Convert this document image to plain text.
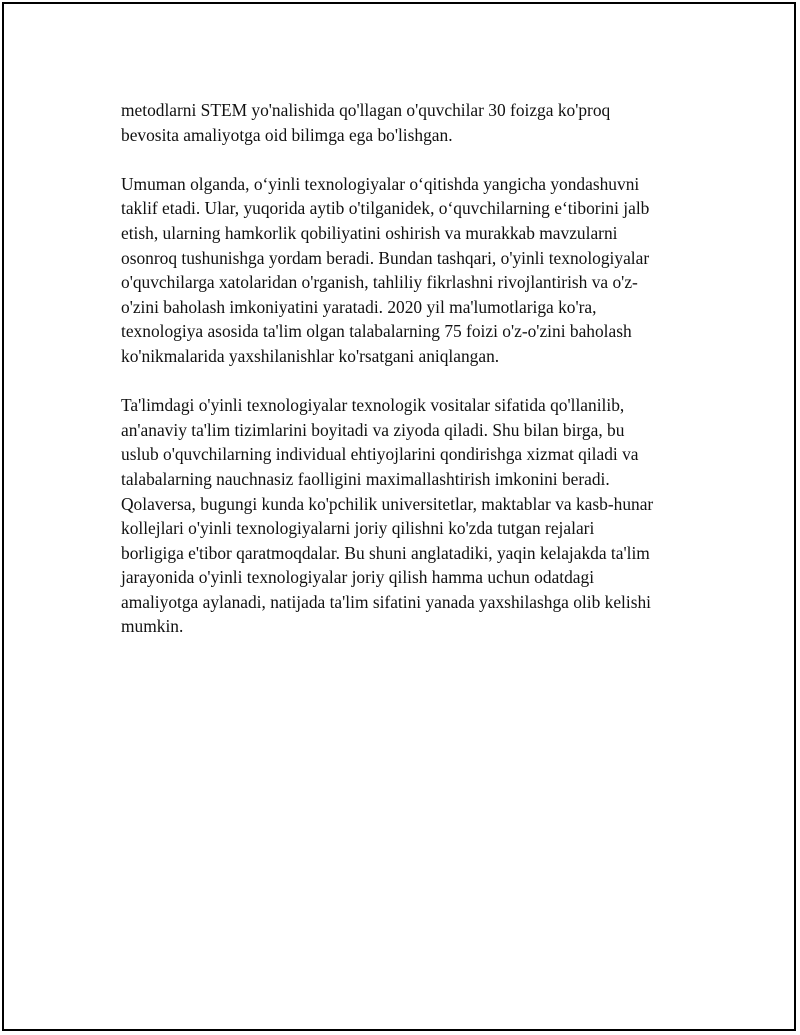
metodlarni STEM yo'nalishida qo'llagan o'quvchilar 30 foizga ko'proq
bevosita amaliyotga oid bilimga ega bo'lishgan.

Umuman olganda, o‘yinli texnologiyalar o‘qitishda yangicha yondashuvni
taklif etadi. Ular, yuqorida aytib o'tilganidek, o‘quvchilarning e‘tiborini jalb
etish, ularning hamkorlik qobiliyatini oshirish va murakkab mavzularni
osonroq tushunishga yordam beradi. Bundan tashqari, o'yinli texnologiyalar
o'quvchilarga xatolaridan o'rganish, tahliliy fikrlashni rivojlantirish va o'z-
o'zini baholash imkoniyatini yaratadi. 2020 yil ma'lumotlariga ko'ra,
texnologiya asosida ta'lim olgan talabalarning 75 foizi o'z-o'zini baholash
ko'nikmalarida yaxshilanishlar ko'rsatgani aniqlangan.

Ta'limdagi o'yinli texnologiyalar texnologik vositalar sifatida qo'llanilib,
an'anaviy ta'lim tizimlarini boyitadi va ziyoda qiladi. Shu bilan birga, bu
uslub o'quvchilarning individual ehtiyojlarini qondirishga xizmat qiladi va
talabalarning nauchnasiz faolligini maximallashtirish imkonini beradi.
Qolaversa, bugungi kunda ko'pchilik universitetlar, maktablar va kasb-hunar
kollejlari o'yinli texnologiyalarni joriy qilishni ko'zda tutgan rejalari
borligiga e'tibor qaratmoqdalar. Bu shuni anglatadiki, yaqin kelajakda ta'lim
jarayonida o'yinli texnologiyalar joriy qilish hamma uchun odatdagi
amaliyotga aylanadi, natijada ta'lim sifatini yanada yaxshilashga olib kelishi
mumkin.
